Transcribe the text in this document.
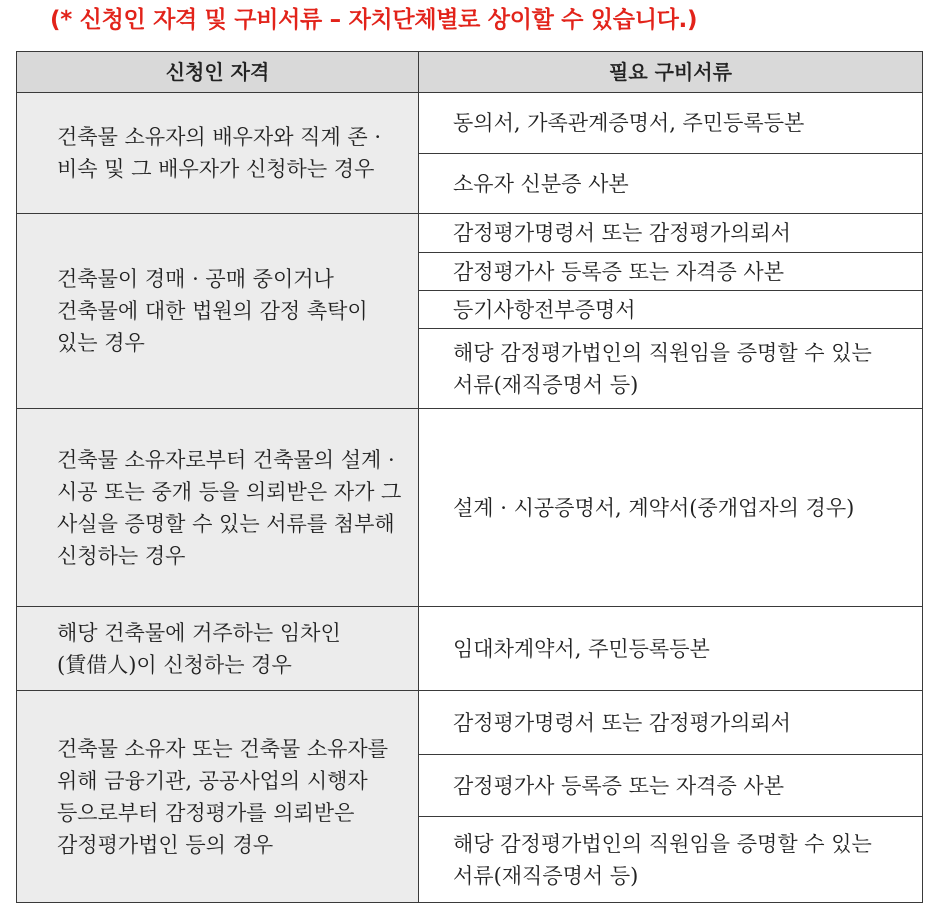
(* 신청인 자격 및 구비서류 – 자치단체별로 상이할 수 있습니다.)
신청인 자격	필요 구비서류
건축물 소유자의 배우자와 직계 존 · 비속 및 그 배우자가 신청하는 경우	동의서, 가족관계증명서, 주민등록등본
	소유자 신분증 사본
건축물이 경매 · 공매 중이거나 건축물에 대한 법원의 감정 촉탁이 있는 경우	감정평가명령서 또는 감정평가의뢰서
	감정평가사 등록증 또는 자격증 사본
	등기사항전부증명서
	해당 감정평가법인의 직원임을 증명할 수 있는 서류(재직증명서 등)
건축물 소유자로부터 건축물의 설계 · 시공 또는 중개 등을 의뢰받은 자가 그 사실을 증명할 수 있는 서류를 첨부해 신청하는 경우	설계 · 시공증명서, 계약서(중개업자의 경우)
해당 건축물에 거주하는 임차인(賃借人)이 신청하는 경우	임대차계약서, 주민등록등본
건축물 소유자 또는 건축물 소유자를 위해 금융기관, 공공사업의 시행자 등으로부터 감정평가를 의뢰받은 감정평가법인 등의 경우	감정평가명령서 또는 감정평가의뢰서
	감정평가사 등록증 또는 자격증 사본
	해당 감정평가법인의 직원임을 증명할 수 있는 서류(재직증명서 등)
